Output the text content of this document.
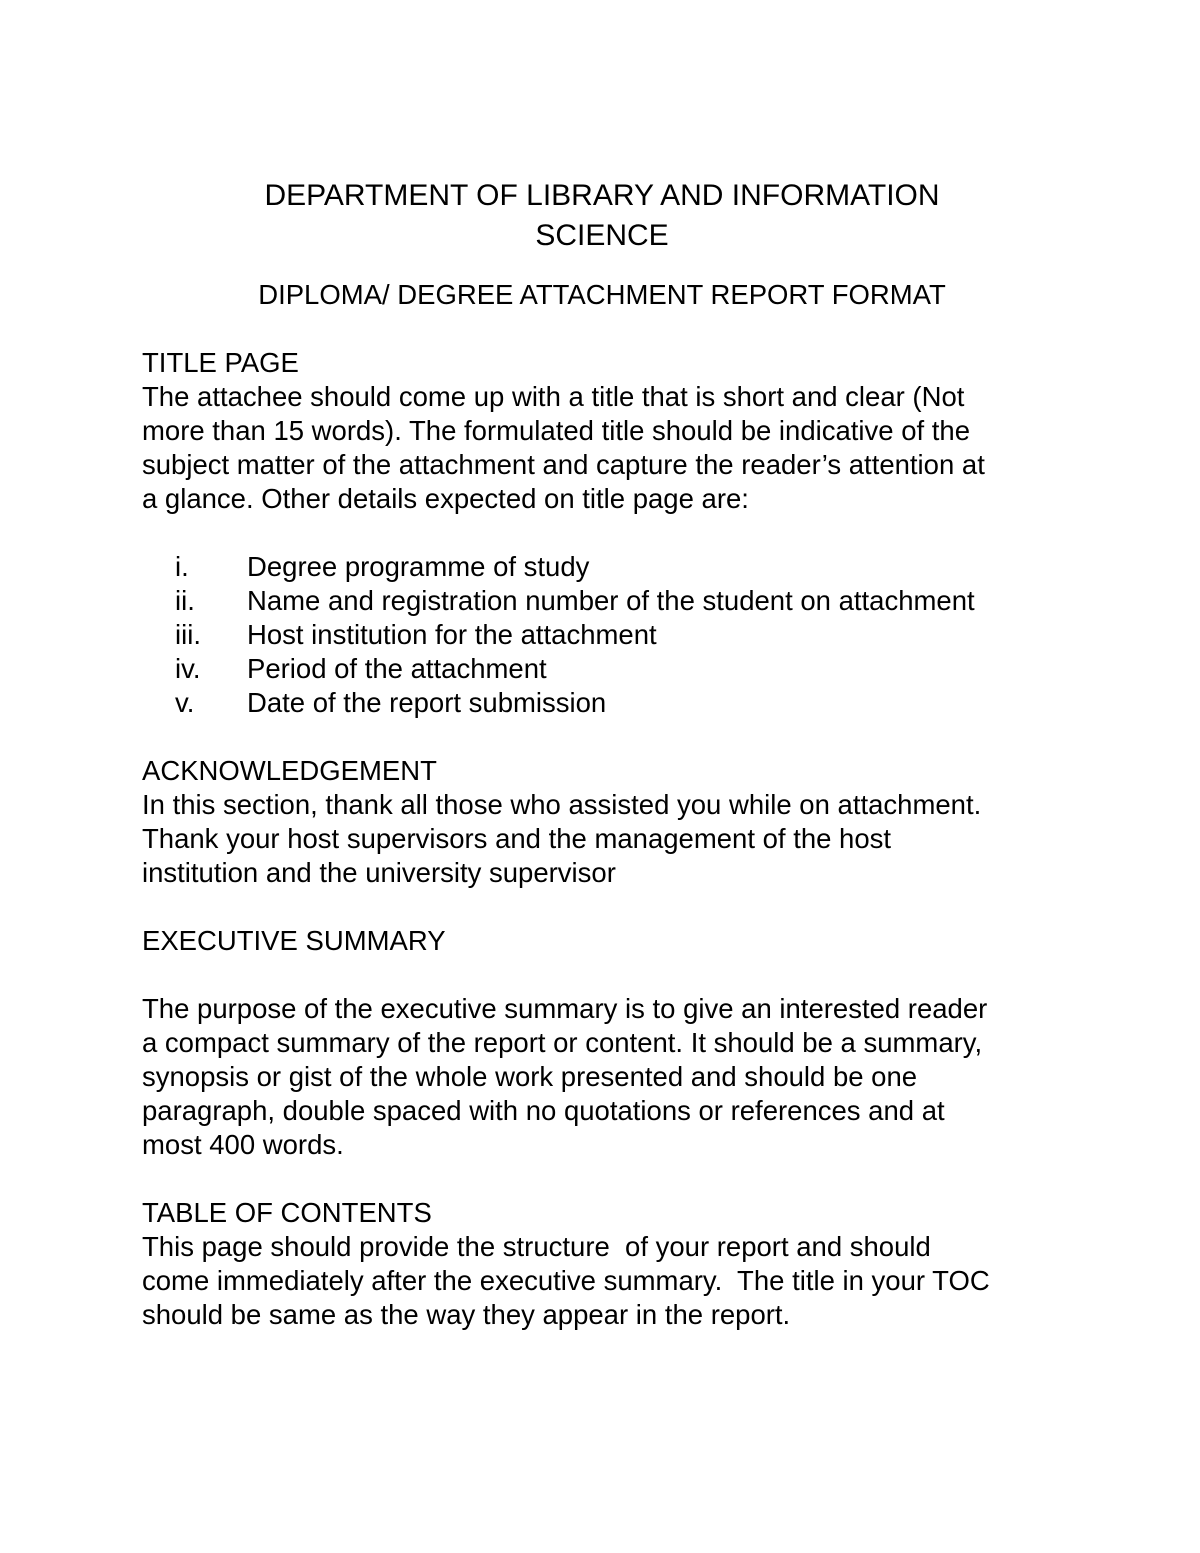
DEPARTMENT OF LIBRARY AND INFORMATION

SCIENCE

DIPLOMA/ DEGREE ATTACHMENT REPORT FORMAT

TITLE PAGE

The attachee should come up with a title that is short and clear (Not

more than 15 words). The formulated title should be indicative of the

subject matter of the attachment and capture the reader’s attention at

a glance. Other details expected on title page are:

i.	Degree programme of study
ii.	Name and registration number of the student on attachment
iii.	Host institution for the attachment
iv.	Period of the attachment
v.	Date of the report submission

ACKNOWLEDGEMENT

In this section, thank all those who assisted you while on attachment.

Thank your host supervisors and the management of the host

institution and the university supervisor

EXECUTIVE SUMMARY

The purpose of the executive summary is to give an interested reader

a compact summary of the report or content. It should be a summary,

synopsis or gist of the whole work presented and should be one

paragraph, double spaced with no quotations or references and at

most 400 words.

TABLE OF CONTENTS

This page should provide the structure  of your report and should

come immediately after the executive summary.  The title in your TOC

should be same as the way they appear in the report.
